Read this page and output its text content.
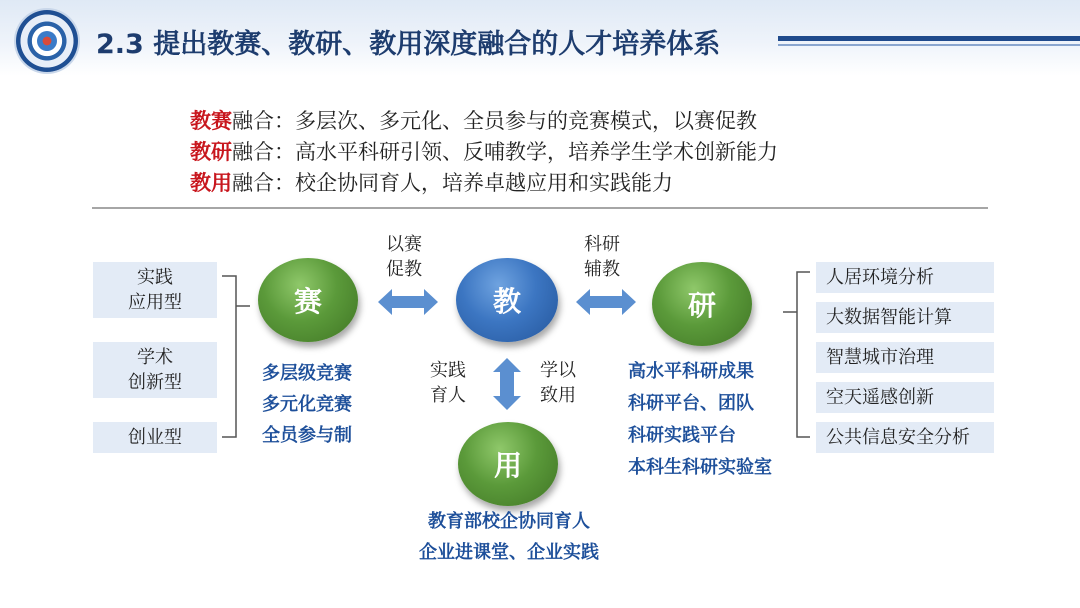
2.3 提出教赛、教研、教用深度融合的人才培养体系
教赛融合：多层次、多元化、全员参与的竞赛模式，以赛促教
教研融合：高水平科研引领、反哺教学，培养学生学术创新能力
教用融合：校企协同育人，培养卓越应用和实践能力
实践
应用型
学术
创新型
创业型
人居环境分析
大数据智能计算
智慧城市治理
空天遥感创新
公共信息安全分析
以赛
促教
科研
辅教
实践
育人
学以
致用
赛	教	研
用
多层级竞赛
多元化竞赛
全员参与制
高水平科研成果
科研平台、团队
科研实践平台
本科生科研实验室
教育部校企协同育人
企业进课堂、企业实践
